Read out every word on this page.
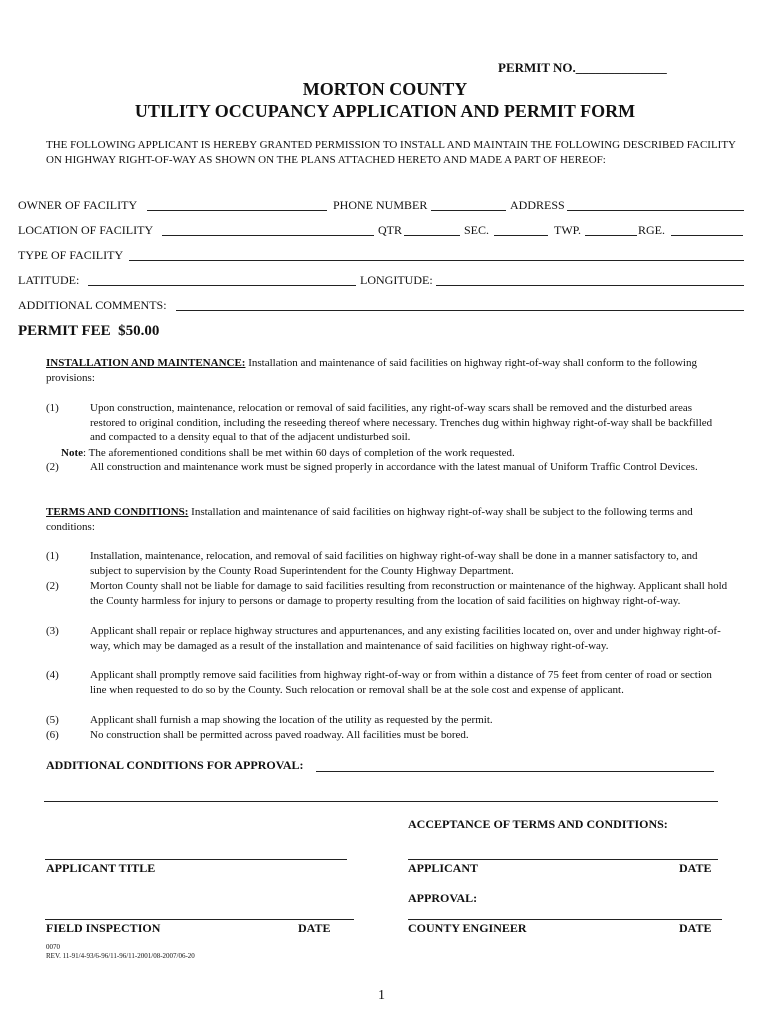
PERMIT NO.______________
MORTON COUNTY
UTILITY OCCUPANCY APPLICATION AND PERMIT FORM
THE FOLLOWING APPLICANT IS HEREBY GRANTED PERMISSION TO INSTALL AND MAINTAIN THE FOLLOWING DESCRIBED FACILITY ON HIGHWAY RIGHT-OF-WAY AS SHOWN ON THE PLANS ATTACHED HERETO AND MADE A PART OF HEREOF:
OWNER OF FACILITY	PHONE NUMBER	ADDRESS
LOCATION OF FACILITY	QTR	SEC.	TWP.	RGE.
TYPE OF FACILITY
LATITUDE:	LONGITUDE:
ADDITIONAL COMMENTS:
PERMIT FEE  $50.00
INSTALLATION AND MAINTENANCE: Installation and maintenance of said facilities on highway right-of-way shall conform to the following provisions:
(1)	Upon construction, maintenance, relocation or removal of said facilities, any right-of-way scars shall be removed and the disturbed areas restored to original condition, including the reseeding thereof where necessary. Trenches dug within highway right-of-way shall be backfilled and compacted to a density equal to that of the adjacent undisturbed soil.
Note: The aforementioned conditions shall be met within 60 days of completion of the work requested.
(2)	All construction and maintenance work must be signed properly in accordance with the latest manual of Uniform Traffic Control Devices.
TERMS AND CONDITIONS: Installation and maintenance of said facilities on highway right-of-way shall be subject to the following terms and conditions:
(1)	Installation, maintenance, relocation, and removal of said facilities on highway right-of-way shall be done in a manner satisfactory to, and subject to supervision by the County Road Superintendent for the County Highway Department.
(2)	Morton County shall not be liable for damage to said facilities resulting from reconstruction or maintenance of the highway. Applicant shall hold the County harmless for injury to persons or damage to property resulting from the location of said facilities on highway right-of-way.
(3)	Applicant shall repair or replace highway structures and appurtenances, and any existing facilities located on, over and under highway right-of-way, which may be damaged as a result of the installation and maintenance of said facilities on highway right-of-way.
(4)	Applicant shall promptly remove said facilities from highway right-of-way or from within a distance of 75 feet from center of road or section line when requested to do so by the County. Such relocation or removal shall be at the sole cost and expense of applicant.
(5)	Applicant shall furnish a map showing the location of the utility as requested by the permit.
(6)	No construction shall be permitted across paved roadway. All facilities must be bored.
ADDITIONAL CONDITIONS FOR APPROVAL:
ACCEPTANCE OF TERMS AND CONDITIONS:
APPLICANT TITLE	APPLICANT	DATE
APPROVAL:
FIELD INSPECTION	DATE	COUNTY ENGINEER	DATE
0070
REV. 11-91/4-93/6-96/11-96/11-2001/08-2007/06-20
1
